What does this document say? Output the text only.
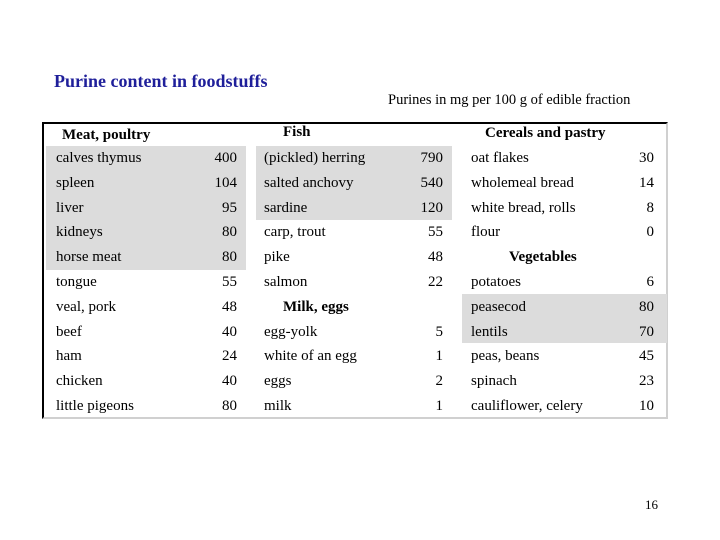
Purine content in foodstuffs
Purines in mg per 100 g of edible fraction
Meat, poultry
calves thymus	400
spleen	104
liver	95
kidneys	80
horse meat	80
tongue	55
veal, pork	48
beef	40
ham	24
chicken	40
little pigeons	80
Fish
(pickled) herring	790
salted anchovy	540
sardine	120
carp, trout	55
pike	48
salmon	22
Milk, eggs
egg-yolk	5
white of an egg	1
eggs	2
milk	1
Cereals and pastry
oat flakes	30
wholemeal bread	14
white bread, rolls	8
flour	0
Vegetables
potatoes	6
peasecod	80
lentils	70
peas, beans	45
spinach	23
cauliflower, celery	10
16
